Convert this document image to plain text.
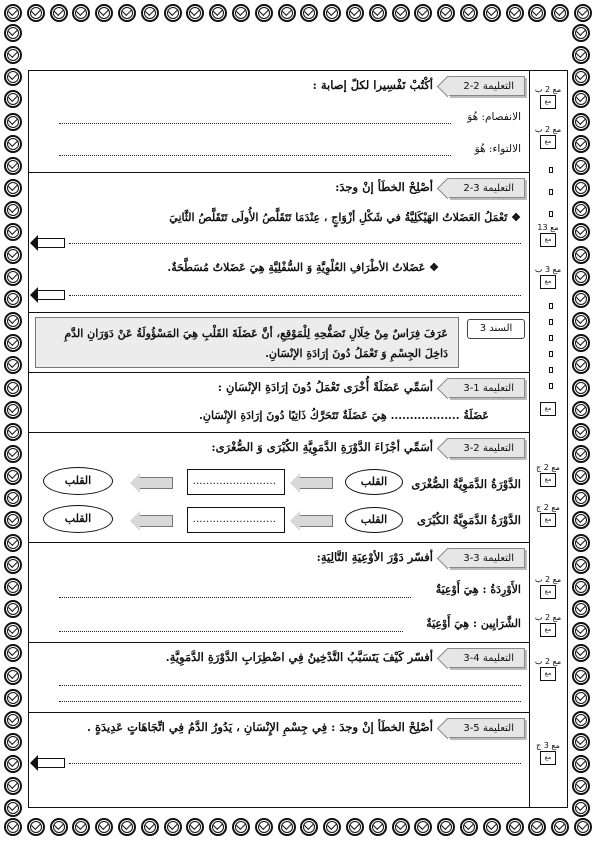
التعليمة 2-2
أكْتُبْ تَفْسِيرا لكلّ إصابة :
الانفصام: هُوَ
الالتواء: هُوَ
التعليمة 3-2
أصْلِحْ الخطَأ إنْ وجدَ:
❖ تَعْمَلُ العَضَلاتُ الهَيْكَلِيَّةُ في شَكْلِ أزْوَاجٍ ، عِنْدَمَا تَتَقَلَّصُ الأُولَى تَتَقَلَّصُ الثَّانِيَ
❖ عَضَلاتُ الأطْرَافِ العُلْوِيَّةِ وَ السُّفْلِيَّةِ هِيَ عَضَلاتٌ مُسَطَّحَةٌ.
السند 3
عَرَفَ فِرَاسٌ مِنْ خِلَالِ تَصَفُّحِهِ لِلْمَوْقِعِ، أنَّ عَضَلَةَ القَلْبِ هِيَ المَسْؤُولَةُ عَنْ دَوَرَانِ الدَّمِ دَاخِلَ الجِسْمِ وَ تَعْمَلُ دُونَ إرَادَةِ الإنْسَانِ.
التعليمة 1-3
أسَمِّي عَضَلَةً أُخْرَى تَعْمَلُ دُونَ إرَادَةِ الإنْسَانِ :
عَضَلَةُ .................. هِيَ عَضَلَةٌ تَتَحَرَّكُ ذَاتِيًا دُونَ إرَادَةِ الإِنْسَانِ.
التعليمة 2-3
أسَمِّي أجْزَاءَ الدَّوْرَةِ الدَّمَوِيَّةِ الكُبْرَى وَ الصُّغْرَى:
الدَّوْرَةُ الدَّمَوِيَّةُ الصُّغْرَى
القلب
.........................
القلب
الدَّوْرَةُ الدَّمَوِيَّةُ الكُبْرَى
القلب
.........................
القلب
التعليمة 3-3
أفسّر دَوْرَ الأوْعِيَةِ التَّالِيَةِ:
الأَوْرِدَةُ : هِيَ أَوْعِيَةٌ
الشَّرَايِين : هِيَ أَوْعِيَةٌ
التعليمة 4-3
أفسّر كَيْفَ يَتَسَبَّبُ التَّدْخِينُ فِي اضْطِرَابِ الدَّوْرَةِ الدَّمَوِيَّةِ.
التعليمة 5-3
أصْلِحْ الخطَأ إنْ وجدَ : فِي جِسْمِ الإِنْسَانِ ، يَدُورُ الدَّمُ فِي اتِّجَاهَاتٍ عَدِيدَةٍ .
مع 2 ب
مع
مع 2 ب
مع
مع 13
مع
مع 3 ب
مع
مع
مع 2 ج
مع
مع 2 ج
مع
مع 2 ب
مع
مع 2 ب
مع
مع 2 ب
مع
مع 3 ج
مع
